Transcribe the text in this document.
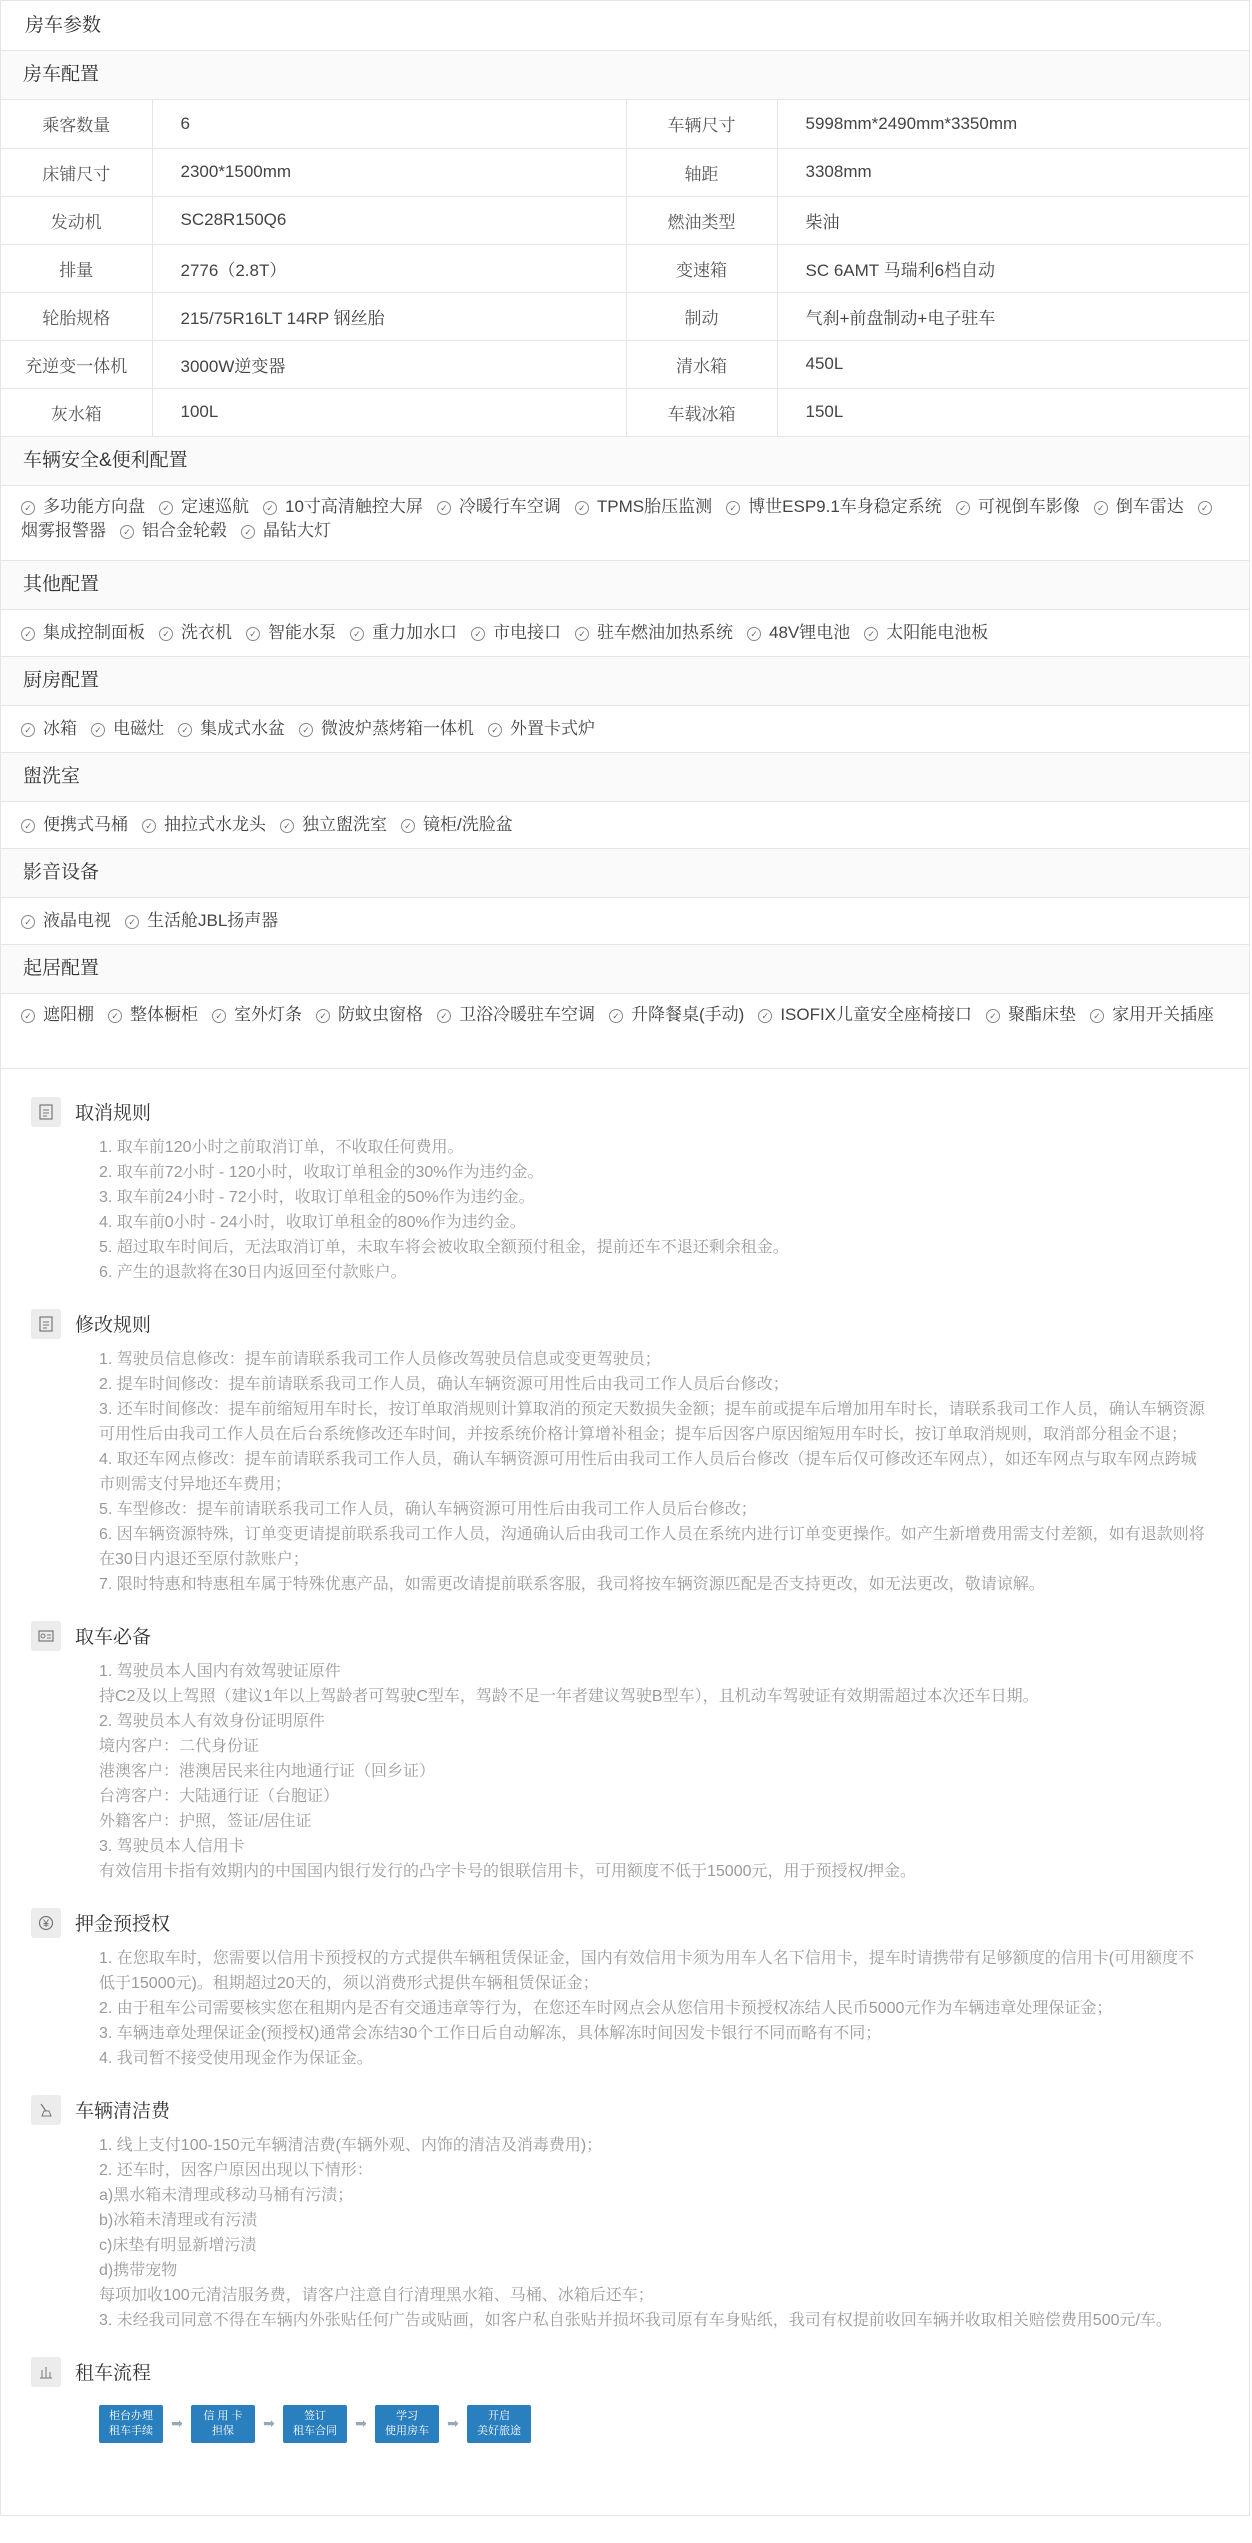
房车参数
房车配置
乘客数量	6	车辆尺寸	5998mm*2490mm*3350mm
床铺尺寸	2300*1500mm	轴距	3308mm
发动机	SC28R150Q6	燃油类型	柴油
排量	2776（2.8T）	变速箱	SC 6AMT 马瑞利6档自动
轮胎规格	215/75R16LT 14RP 钢丝胎	制动	气刹+前盘制动+电子驻车
充逆变一体机	3000W逆变器	清水箱	450L
灰水箱	100L	车载冰箱	150L
车辆安全&便利配置
✓ 多功能方向盘 ✓ 定速巡航 ✓ 10寸高清触控大屏 ✓ 冷暖行车空调 ✓ TPMS胎压监测 ✓ 博世ESP9.1车身稳定系统 ✓ 可视倒车影像 ✓ 倒车雷达 ✓烟雾报警器 ✓ 铝合金轮毂 ✓ 晶钻大灯
其他配置
✓ 集成控制面板 ✓ 洗衣机 ✓ 智能水泵 ✓ 重力加水口 ✓ 市电接口 ✓ 驻车燃油加热系统 ✓ 48V锂电池 ✓ 太阳能电池板
厨房配置
✓ 冰箱 ✓ 电磁灶 ✓ 集成式水盆 ✓ 微波炉蒸烤箱一体机 ✓ 外置卡式炉
盥洗室
✓ 便携式马桶 ✓ 抽拉式水龙头 ✓ 独立盥洗室 ✓ 镜柜/洗脸盆
影音设备
✓ 液晶电视 ✓ 生活舱JBL扬声器
起居配置
✓ 遮阳棚 ✓ 整体橱柜 ✓ 室外灯条 ✓ 防蚊虫窗格 ✓ 卫浴冷暖驻车空调 ✓ 升降餐桌(手动) ✓ ISOFIX儿童安全座椅接口 ✓ 聚酯床垫 ✓ 家用开关插座
取消规则

1. 取车前120小时之前取消订单，不收取任何费用。

2. 取车前72小时 - 120小时，收取订单租金的30%作为违约金。

3. 取车前24小时 - 72小时，收取订单租金的50%作为违约金。

4. 取车前0小时 - 24小时，收取订单租金的80%作为违约金。

5. 超过取车时间后，无法取消订单，未取车将会被收取全额预付租金，提前还车不退还剩余租金。

6. 产生的退款将在30日内返回至付款账户。

修改规则

1. 驾驶员信息修改：提车前请联系我司工作人员修改驾驶员信息或变更驾驶员；

2. 提车时间修改：提车前请联系我司工作人员，确认车辆资源可用性后由我司工作人员后台修改；

3. 还车时间修改：提车前缩短用车时长，按订单取消规则计算取消的预定天数损失金额；提车前或提车后增加用车时长，请联系我司工作人员，确认车辆资源可用性后由我司工作人员在后台系统修改还车时间，并按系统价格计算增补租金；提车后因客户原因缩短用车时长，按订单取消规则，取消部分租金不退；

4. 取还车网点修改：提车前请联系我司工作人员，确认车辆资源可用性后由我司工作人员后台修改（提车后仅可修改还车网点），如还车网点与取车网点跨城市则需支付异地还车费用；

5. 车型修改：提车前请联系我司工作人员，确认车辆资源可用性后由我司工作人员后台修改；

6. 因车辆资源特殊，订单变更请提前联系我司工作人员，沟通确认后由我司工作人员在系统内进行订单变更操作。如产生新增费用需支付差额，如有退款则将在30日内退还至原付款账户；

7. 限时特惠和特惠租车属于特殊优惠产品，如需更改请提前联系客服，我司将按车辆资源匹配是否支持更改，如无法更改，敬请谅解。

取车必备

1. 驾驶员本人国内有效驾驶证原件

持C2及以上驾照（建议1年以上驾龄者可驾驶C型车，驾龄不足一年者建议驾驶B型车），且机动车驾驶证有效期需超过本次还车日期。

2. 驾驶员本人有效身份证明原件

境内客户：二代身份证

港澳客户：港澳居民来往内地通行证（回乡证）

台湾客户：大陆通行证（台胞证）

外籍客户：护照，签证/居住证

3. 驾驶员本人信用卡

有效信用卡指有效期内的中国国内银行发行的凸字卡号的银联信用卡，可用额度不低于15000元，用于预授权/押金。

押金预授权

1. 在您取车时，您需要以信用卡预授权的方式提供车辆租赁保证金，国内有效信用卡须为用车人名下信用卡，提车时请携带有足够额度的信用卡(可用额度不低于15000元)。租期超过20天的，须以消费形式提供车辆租赁保证金；

2. 由于租车公司需要核实您在租期内是否有交通违章等行为，在您还车时网点会从您信用卡预授权冻结人民币5000元作为车辆违章处理保证金；

3. 车辆违章处理保证金(预授权)通常会冻结30个工作日后自动解冻，具体解冻时间因发卡银行不同而略有不同；

4. 我司暂不接受使用现金作为保证金。

车辆清洁费

1. 线上支付100-150元车辆清洁费(车辆外观、内饰的清洁及消毒费用)；

2. 还车时，因客户原因出现以下情形：

a)黑水箱未清理或移动马桶有污渍；

b)冰箱未清理或有污渍

c)床垫有明显新增污渍

d)携带宠物

每项加收100元清洁服务费，请客户注意自行清理黑水箱、马桶、冰箱后还车；

3. 未经我司同意不得在车辆内外张贴任何广告或贴画，如客户私自张贴并损坏我司原有车身贴纸，我司有权提前收回车辆并收取相关赔偿费用500元/车。

租车流程
柜台办理
租车手续	➡	信 用 卡
担保	➡	签订
租车合同	➡	学习
使用房车	➡	开启
美好旅途
